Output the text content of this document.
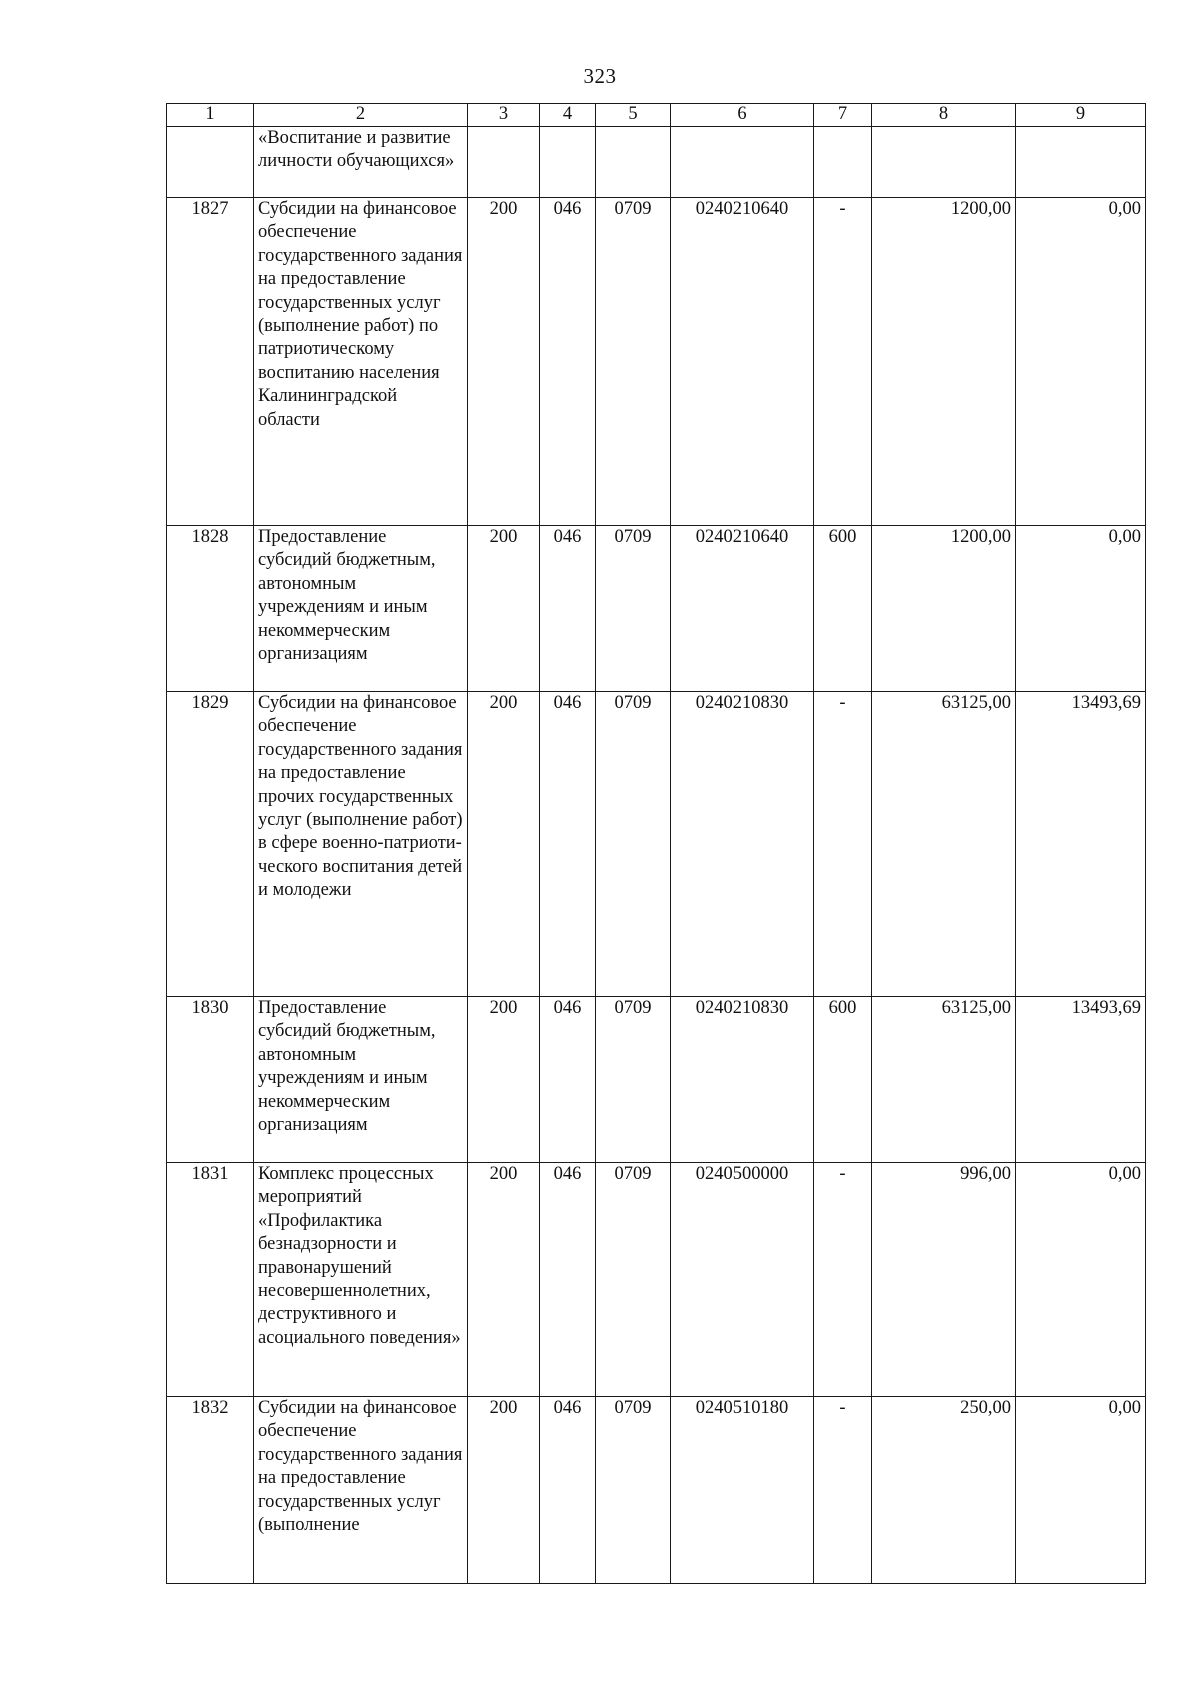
323
1	2	3	4	5	6	7	8	9
	«Воспитание и развитие личности обучающихся»							
1827	Субсидии на финансовое обеспечение государственного задания на предоставление государственных услуг (выполнение работ) по патриотическому воспитанию населения Калининградской области	200	046	0709	0240210640	-	1200,00	0,00
1828	Предоставление субсидий бюджетным, автономным учреждениям и иным некоммерческим организациям	200	046	0709	0240210640	600	1200,00	0,00
1829	Субсидии на финансовое обеспечение государственного задания на предоставление прочих государственных услуг (выполнение работ) в сфере военно-патриоти-ческого воспитания детей и молодежи	200	046	0709	0240210830	-	63125,00	13493,69
1830	Предоставление субсидий бюджетным, автономным учреждениям и иным некоммерческим организациям	200	046	0709	0240210830	600	63125,00	13493,69
1831	Комплекс процессных мероприятий «Профилактика безнадзорности и правонарушений несовершеннолетних, деструктивного и асоциального поведения»	200	046	0709	0240500000	-	996,00	0,00
1832	Субсидии на финансовое обеспечение государственного задания на предоставление государственных услуг (выполнение	200	046	0709	0240510180	-	250,00	0,00
